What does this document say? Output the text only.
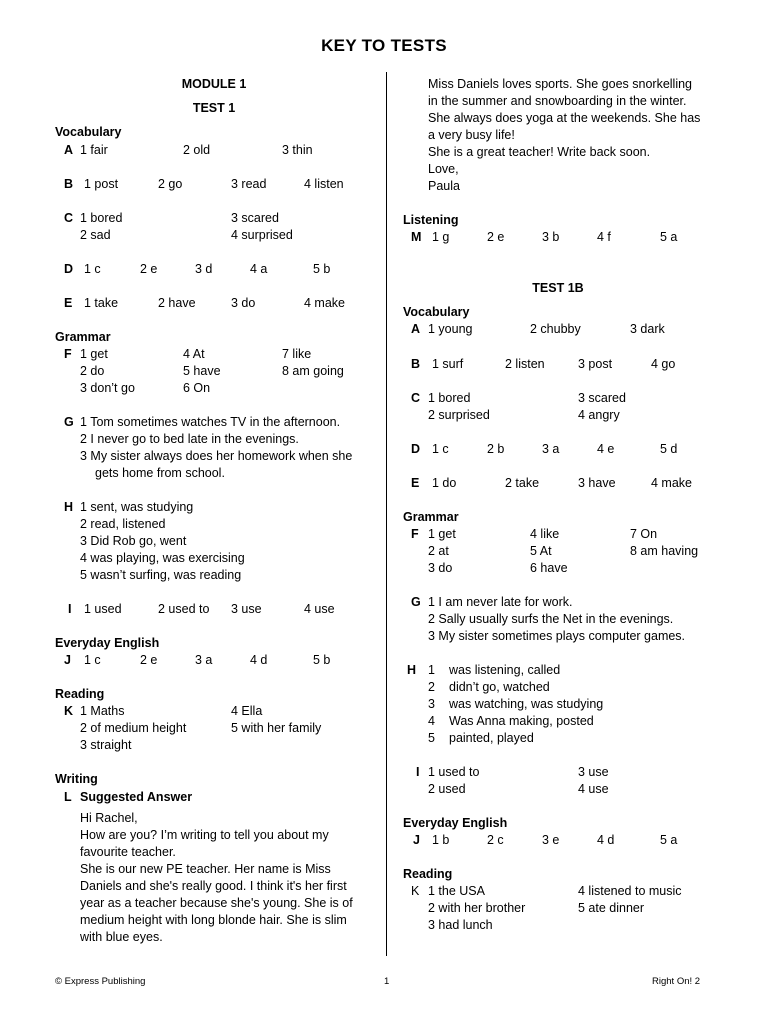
KEY TO TESTS
MODULE 1
TEST 1
Vocabulary
A 1 fair	2 old	3 thin
B 1 post	2 go	3 read	4 listen
C 1 bored	3 scared
2 sad	4 surprised
D 1 c	2 e	3 d	4 a	5 b
E 1 take	2 have	3 do	4 make
Grammar
F 1 get	4 At	7 like
2 do	5 have	8 am going
3 don’t go	6 On
G 1 Tom sometimes watches TV in the afternoon.
2 I never go to bed late in the evenings.
3 My sister always does her homework when she
gets home from school.
H 1 sent, was studying
2 read, listened
3 Did Rob go, went
4 was playing, was exercising
5 wasn’t surfing, was reading
I 1 used	2 used to 3 use	4 use
Everyday English
J 1 c	2 e	3 a	4 d	5 b
Reading
K 1 Maths	4 Ella
2 of medium height	5 with her family
3 straight
Writing
L Suggested Answer
Hi Rachel,
How are you? I’m writing to tell you about my
favourite teacher.
She is our new PE teacher. Her name is Miss
Daniels and she's really good. I think it's her first
year as a teacher because she's young. She is of
medium height with long blonde hair. She is slim
with blue eyes.
Miss Daniels loves sports. She goes snorkelling
in the summer and snowboarding in the winter.
She always does yoga at the weekends. She has
a very busy life!
She is a great teacher! Write back soon.
Love,
Paula
Listening
M 1 g	2 e	3 b	4 f	5 a
TEST 1B
Vocabulary
A 1 young	2 chubby	3 dark
B 1 surf	2 listen	3 post	4 go
C 1 bored	3 scared
2 surprised	4 angry
D 1 c	2 b	3 a	4 e	5 d
E 1 do	2 take	3 have	4 make
Grammar
F 1 get	4 like	7 On
2 at	5 At	8 am having
3 do	6 have
G 1 I am never late for work.
2 Sally usually surfs the Net in the evenings.
3 My sister sometimes plays computer games.
H 1 was listening, called
2 didn’t go, watched
3 was watching, was studying
4 Was Anna making, posted
5 painted, played
I 1 used to	3 use
2 used	4 use
Everyday English
J 1 b	2 c	3 e	4 d	5 a
Reading
K 1 the USA	4 listened to music
2 with her brother	5 ate dinner
3 had lunch
© Express Publishing	1	Right On! 2
